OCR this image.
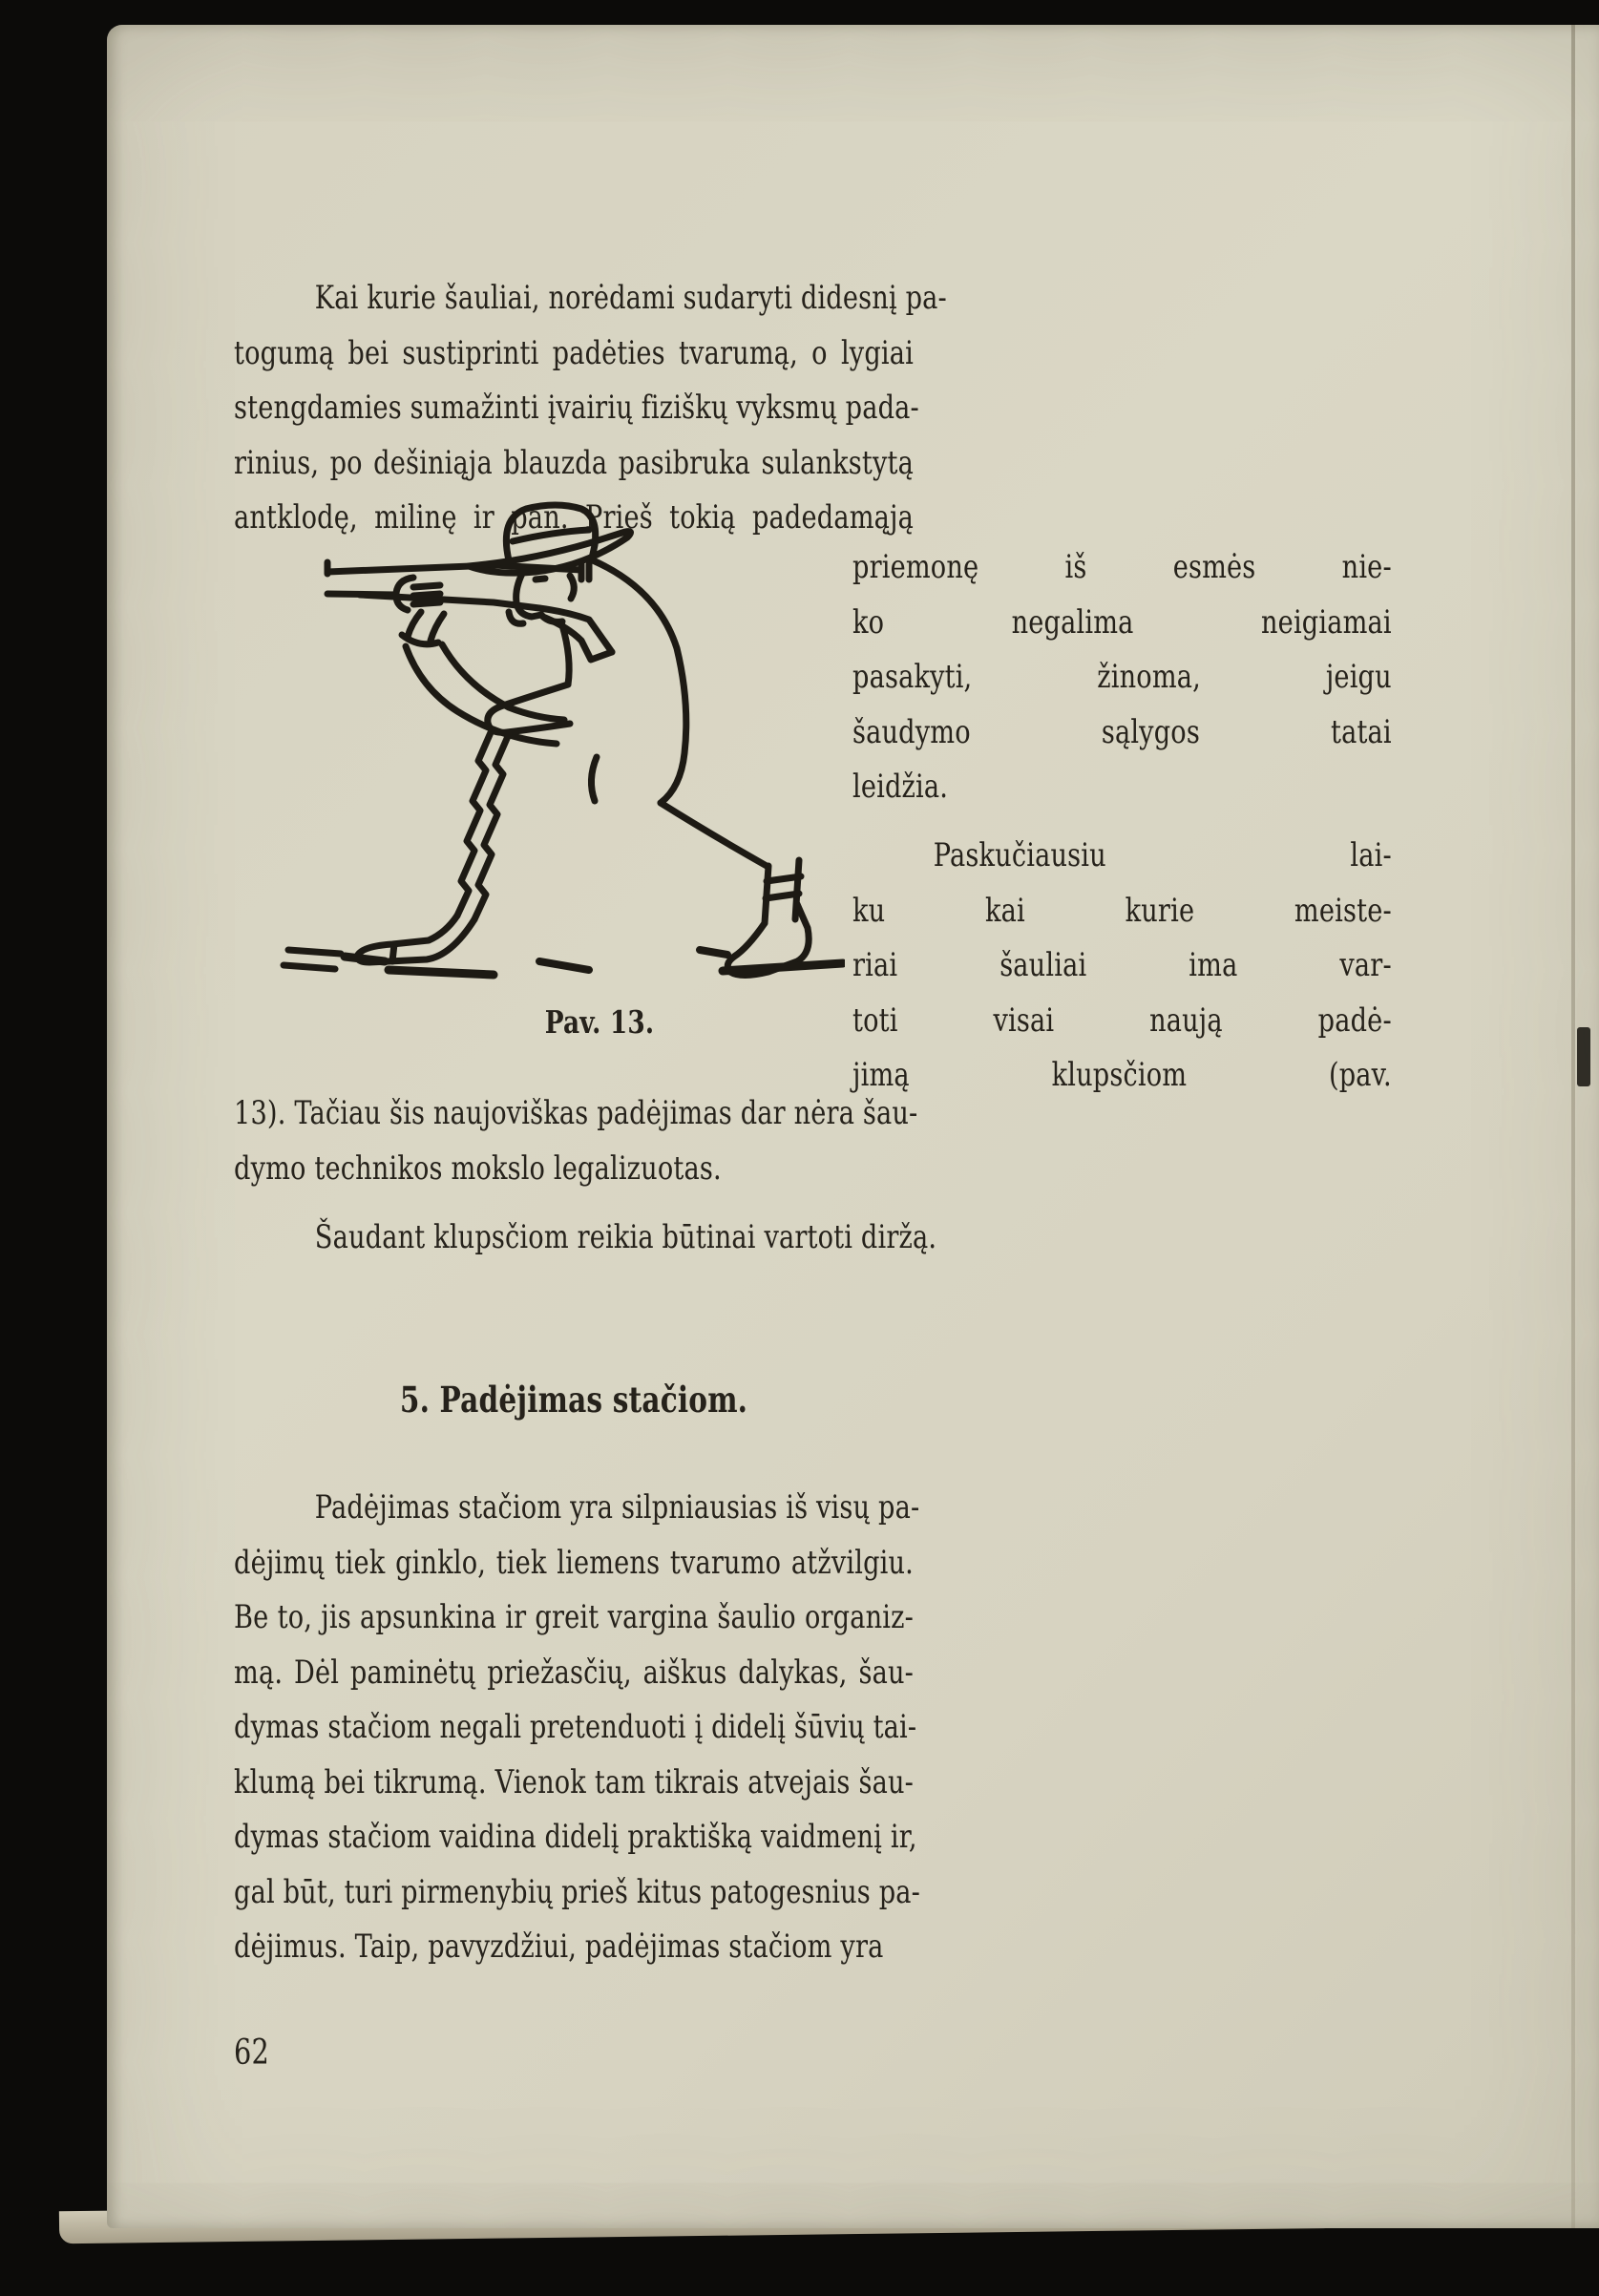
Kai kurie šauliai, norėdami sudaryti didesnį pa-
togumą bei sustiprinti padėties tvarumą, o lygiai
stengdamies sumažinti įvairių fiziškų vyksmų pada-
rinius, po dešiniąja blauzda pasibruka sulankstytą
antklodę, milinę ir pan. Prieš tokią padedamąją
priemonę iš esmės nie-
ko negalima neigiamai
pasakyti, žinoma, jeigu
šaudymo sąlygos tatai
leidžia.
Paskučiausiu lai-
ku kai kurie meiste-
riai šauliai ima var-
toti visai naują padė-
jimą klupsčiom (pav.
Pav. 13.
13). Tačiau šis naujoviškas padėjimas dar nėra šau-
dymo technikos mokslo legalizuotas.
Šaudant klupsčiom reikia būtinai vartoti diržą.
5. Padėjimas stačiom.
Padėjimas stačiom yra silpniausias iš visų pa-
dėjimų tiek ginklo, tiek liemens tvarumo atžvilgiu.
Be to, jis apsunkina ir greit vargina šaulio organiz-
mą. Dėl paminėtų priežasčių, aiškus dalykas, šau-
dymas stačiom negali pretenduoti į didelį šūvių tai-
klumą bei tikrumą. Vienok tam tikrais atvejais šau-
dymas stačiom vaidina didelį praktišką vaidmenį ir,
gal būt, turi pirmenybių prieš kitus patogesnius pa-
dėjimus. Taip, pavyzdžiui, padėjimas stačiom yra
62
